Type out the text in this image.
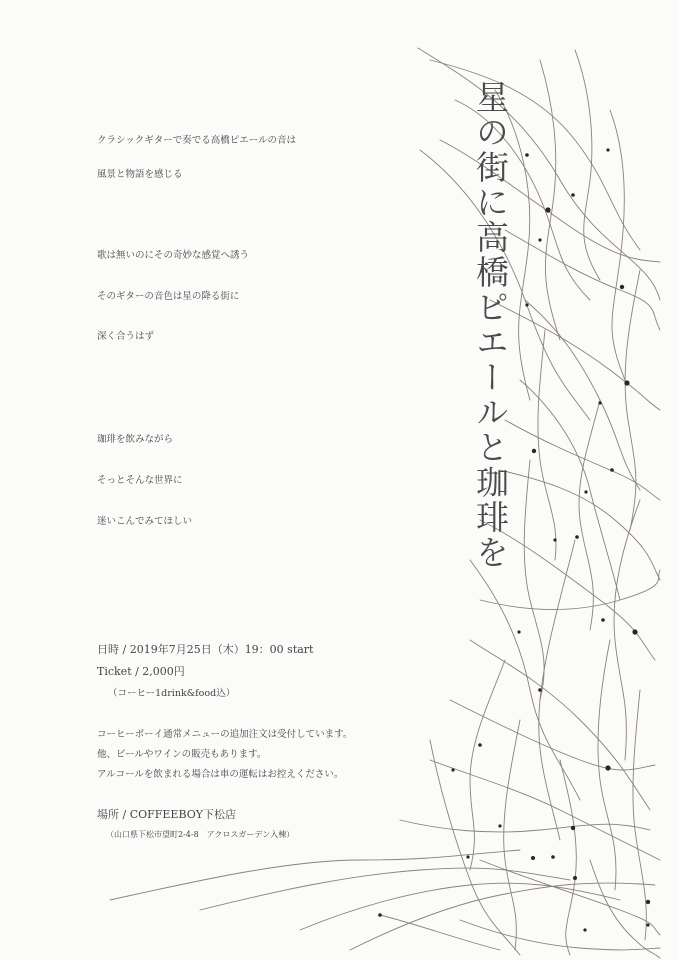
星の街に高橋ピエールと珈琲を
クラシックギターで奏でる高橋ピエールの音は
風景と物語を感じる
歌は無いのにその奇妙な感覚へ誘う
そのギターの音色は星の降る街に
深く合うはず
珈琲を飲みながら
そっとそんな世界に
迷いこんでみてほしい
日時 / 2019年7月25日（木）19：00 start
Ticket / 2,000円
（コーヒー1drink&food込）
コーヒーボーイ通常メニューの追加注文は受付しています。
他、ビールやワインの販売もあります。
アルコールを飲まれる場合は車の運転はお控えください。
場所 / COFFEEBOY下松店
（山口県下松市望町2-4-8　アクロスガーデン入棟）
